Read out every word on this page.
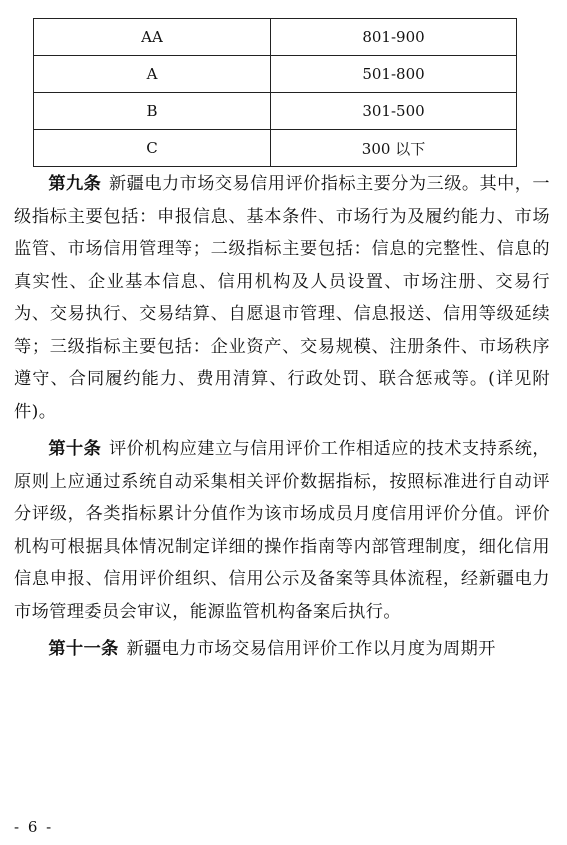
AA	801-900
A	501-800
B	301-500
C	300 以下

第九条 新疆电力市场交易信用评价指标主要分为三级。其中，一级指标主要包括：申报信息、基本条件、市场行为及履约能力、市场监管、市场信用管理等；二级指标主要包括：信息的完整性、信息的真实性、企业基本信息、信用机构及人员设置、市场注册、交易行为、交易执行、交易结算、自愿退市管理、信息报送、信用等级延续等；三级指标主要包括：企业资产、交易规模、注册条件、市场秩序遵守、合同履约能力、费用清算、行政处罚、联合惩戒等。(详见附件)。

第十条 评价机构应建立与信用评价工作相适应的技术支持系统，原则上应通过系统自动采集相关评价数据指标，按照标准进行自动评分评级，各类指标累计分值作为该市场成员月度信用评价分值。评价机构可根据具体情况制定详细的操作指南等内部管理制度，细化信用信息申报、信用评价组织、信用公示及备案等具体流程，经新疆电力市场管理委员会审议，能源监管机构备案后执行。

第十一条 新疆电力市场交易信用评价工作以月度为周期开

- 6 -
